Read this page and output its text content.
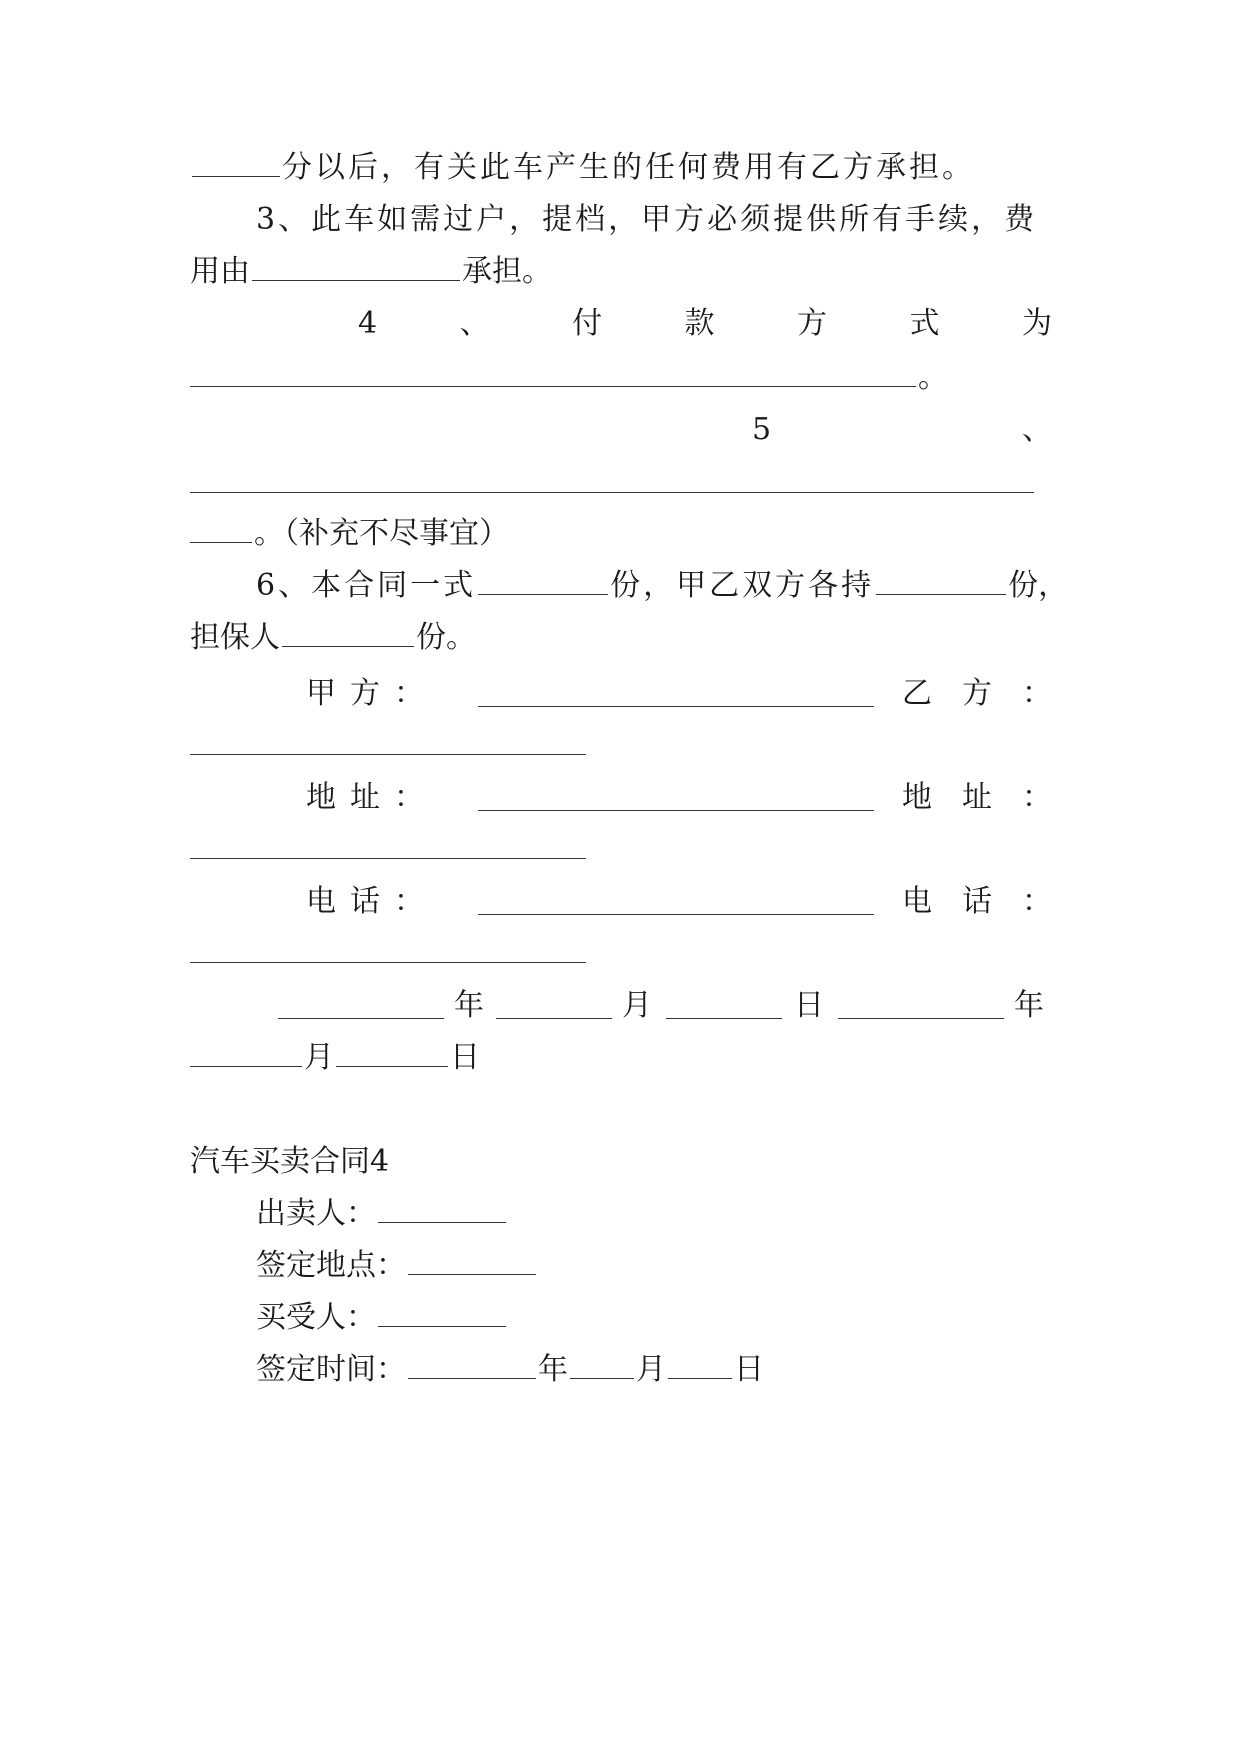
分以后，有关此车产生的任何费用有乙方承担。
3、此车如需过户，提档，甲方必须提供所有手续，费
用由	承担。
4	、	付	款	方	式	为
。
5	、
。（补充不尽事宜）
6、本合同一式	份，甲乙双方各持	份，
担保人	份。
甲 方 ：	乙 方 ：
地 址 ：	地 址 ：
电 话 ：	电 话 ：
年	月	日	年
月	日
汽车买卖合同4
出卖人：
签定地点：
买受人：
签定时间：	年 月 日
